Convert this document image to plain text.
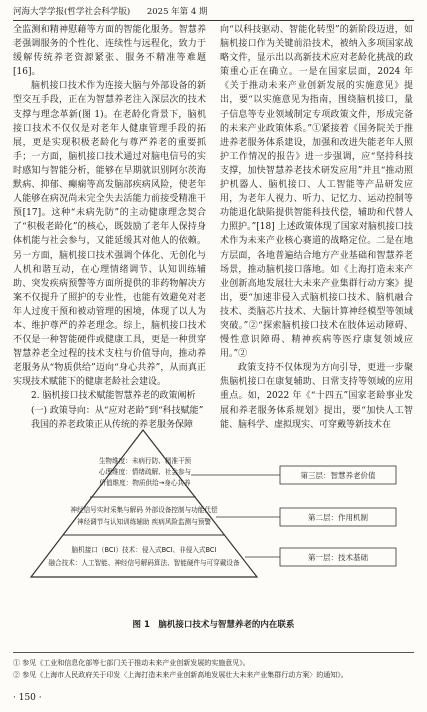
河海大学学报(哲学社会科学版) 2025 年第 4 期

全监测和精神慰藉等方面的智能化服务。智慧养老强调服务的个性化、连续性与远程化，致力于缓解传统养老资源紧张、服务不精准等难题[16]。

脑机接口技术作为连接大脑与外部设备的新型交互手段，正在为智慧养老注入深层次的技术支撑与理念革新(图 1)。在老龄化背景下，脑机接口技术不仅仅是对老年人健康管理手段的拓展，更是实现积极老龄化与尊严养老的重要抓手；一方面，脑机接口技术通过对脑电信号的实时感知与智能分析，能够在早期就识别阿尔茨海默病、抑郁、癫痫等高发脑部疾病风险，使老年人能够在病况尚未完全失去活能力前接受精准干预[17]。这种“未病先防”的主动健康理念契合了“积极老龄化”的核心，既鼓励了老年人保持身体机能与社会参与，又能延缓其对他人的依赖。另一方面，脑机接口技术强调个体化、无创化与人机和谐互动，在心理情绪调节、认知训练辅助、突发疾病预警等方面所提供的非药物解决方案不仅提升了照护的专业性，也能有效避免对老年人过度干预和被动管理的困境，体现了以人为本、维护尊严的养老理念。综上，脑机接口技术不仅是一种智能硬件或健康工具，更是一种贯穿智慧养老全过程的技术支柱与价值导向，推动养老服务从“物质供给”迈向“身心共养”，从而真正实现技术赋能下的健康老龄社会建设。

2. 脑机接口技术赋能智慧养老的政策阐析

(一) 政策导向：从“应对老龄”到“科技赋能”

我国的养老政策正从传统的养老服务保障

向“以科技驱动、智能化转型”的新阶段迈进，如脑机接口作为关键前沿技术，被纳入多项国家战略文件，显示出以高新技术应对老龄化挑战的政策重心正在确立。一是在国家层面，2024 年《关于推动未来产业创新发展的实施意见》提出，要“以实施意见为指南，围绕脑机接口，量子信息等专业领域制定专项政策文件，形成完备的未来产业政策体系。”①紧接着《国务院关于推进养老服务体系建设，加强和改进失能老年人照护工作情况的报告》进一步强调，应“坚持科技支撑，加快智慧养老技术研发应用”并且“推动照护机器人、脑机接口、人工智能等产品研发应用，为老年人视力、听力、记忆力、运动控制等功能退化缺陷提供智能科技代偿，辅助和代替人力照护。”[18] 上述政策体现了国家对脑机接口技术作为未来产业核心赛道的战略定位。二是在地方层面，各地普遍结合地方产业基础和智慧养老场景，推动脑机接口落地。如《上海打造未来产业创新高地发展壮大未来产业集群行动方案》提出，要“加速非侵入式脑机接口技术、脑机融合技术、类脑芯片技术、大脑计算神经模型等领域突破。”②“探索脑机接口技术在肢体运动障碍、慢性意识障碍、精神疾病等医疗康复领域应用。”②

政策支持不仅体现为方向引导，更进一步聚焦脑机接口在康复辅助、日常支持等领域的应用重点。如，2022 年《“十四五”国家老龄事业发展和养老服务体系规划》提出，要“加快人工智能、脑科学、虚拟现实、可穿戴等新技术在

生物维度：未病行防、精准干预
心理维度：情绪疏解、社会参与
价值维度：物质供给→身心共养
神经信号实时采集与解码 外部设备控制与功能代偿
神经调节与认知训练辅助 疾病风险监测与预警
脑机接口（BCI）技术：侵入式BCI、非侵入式BCI
融合技术：人工智能、神经信号解码算法、智能硬件与可穿戴设备
第三层：智慧养老价值
第二层：作用机制
第一层：技术基础
图 1　脑机接口技术与智慧养老的内在联系

① 参见《工业和信息化部等七部门关于推动未来产业创新发展的实施意见》。

② 参见《上海市人民政府关于印发〈上海打造未来产业创新高地发展壮大未来产业集群行动方案〉的通知》。

· 150 ·
